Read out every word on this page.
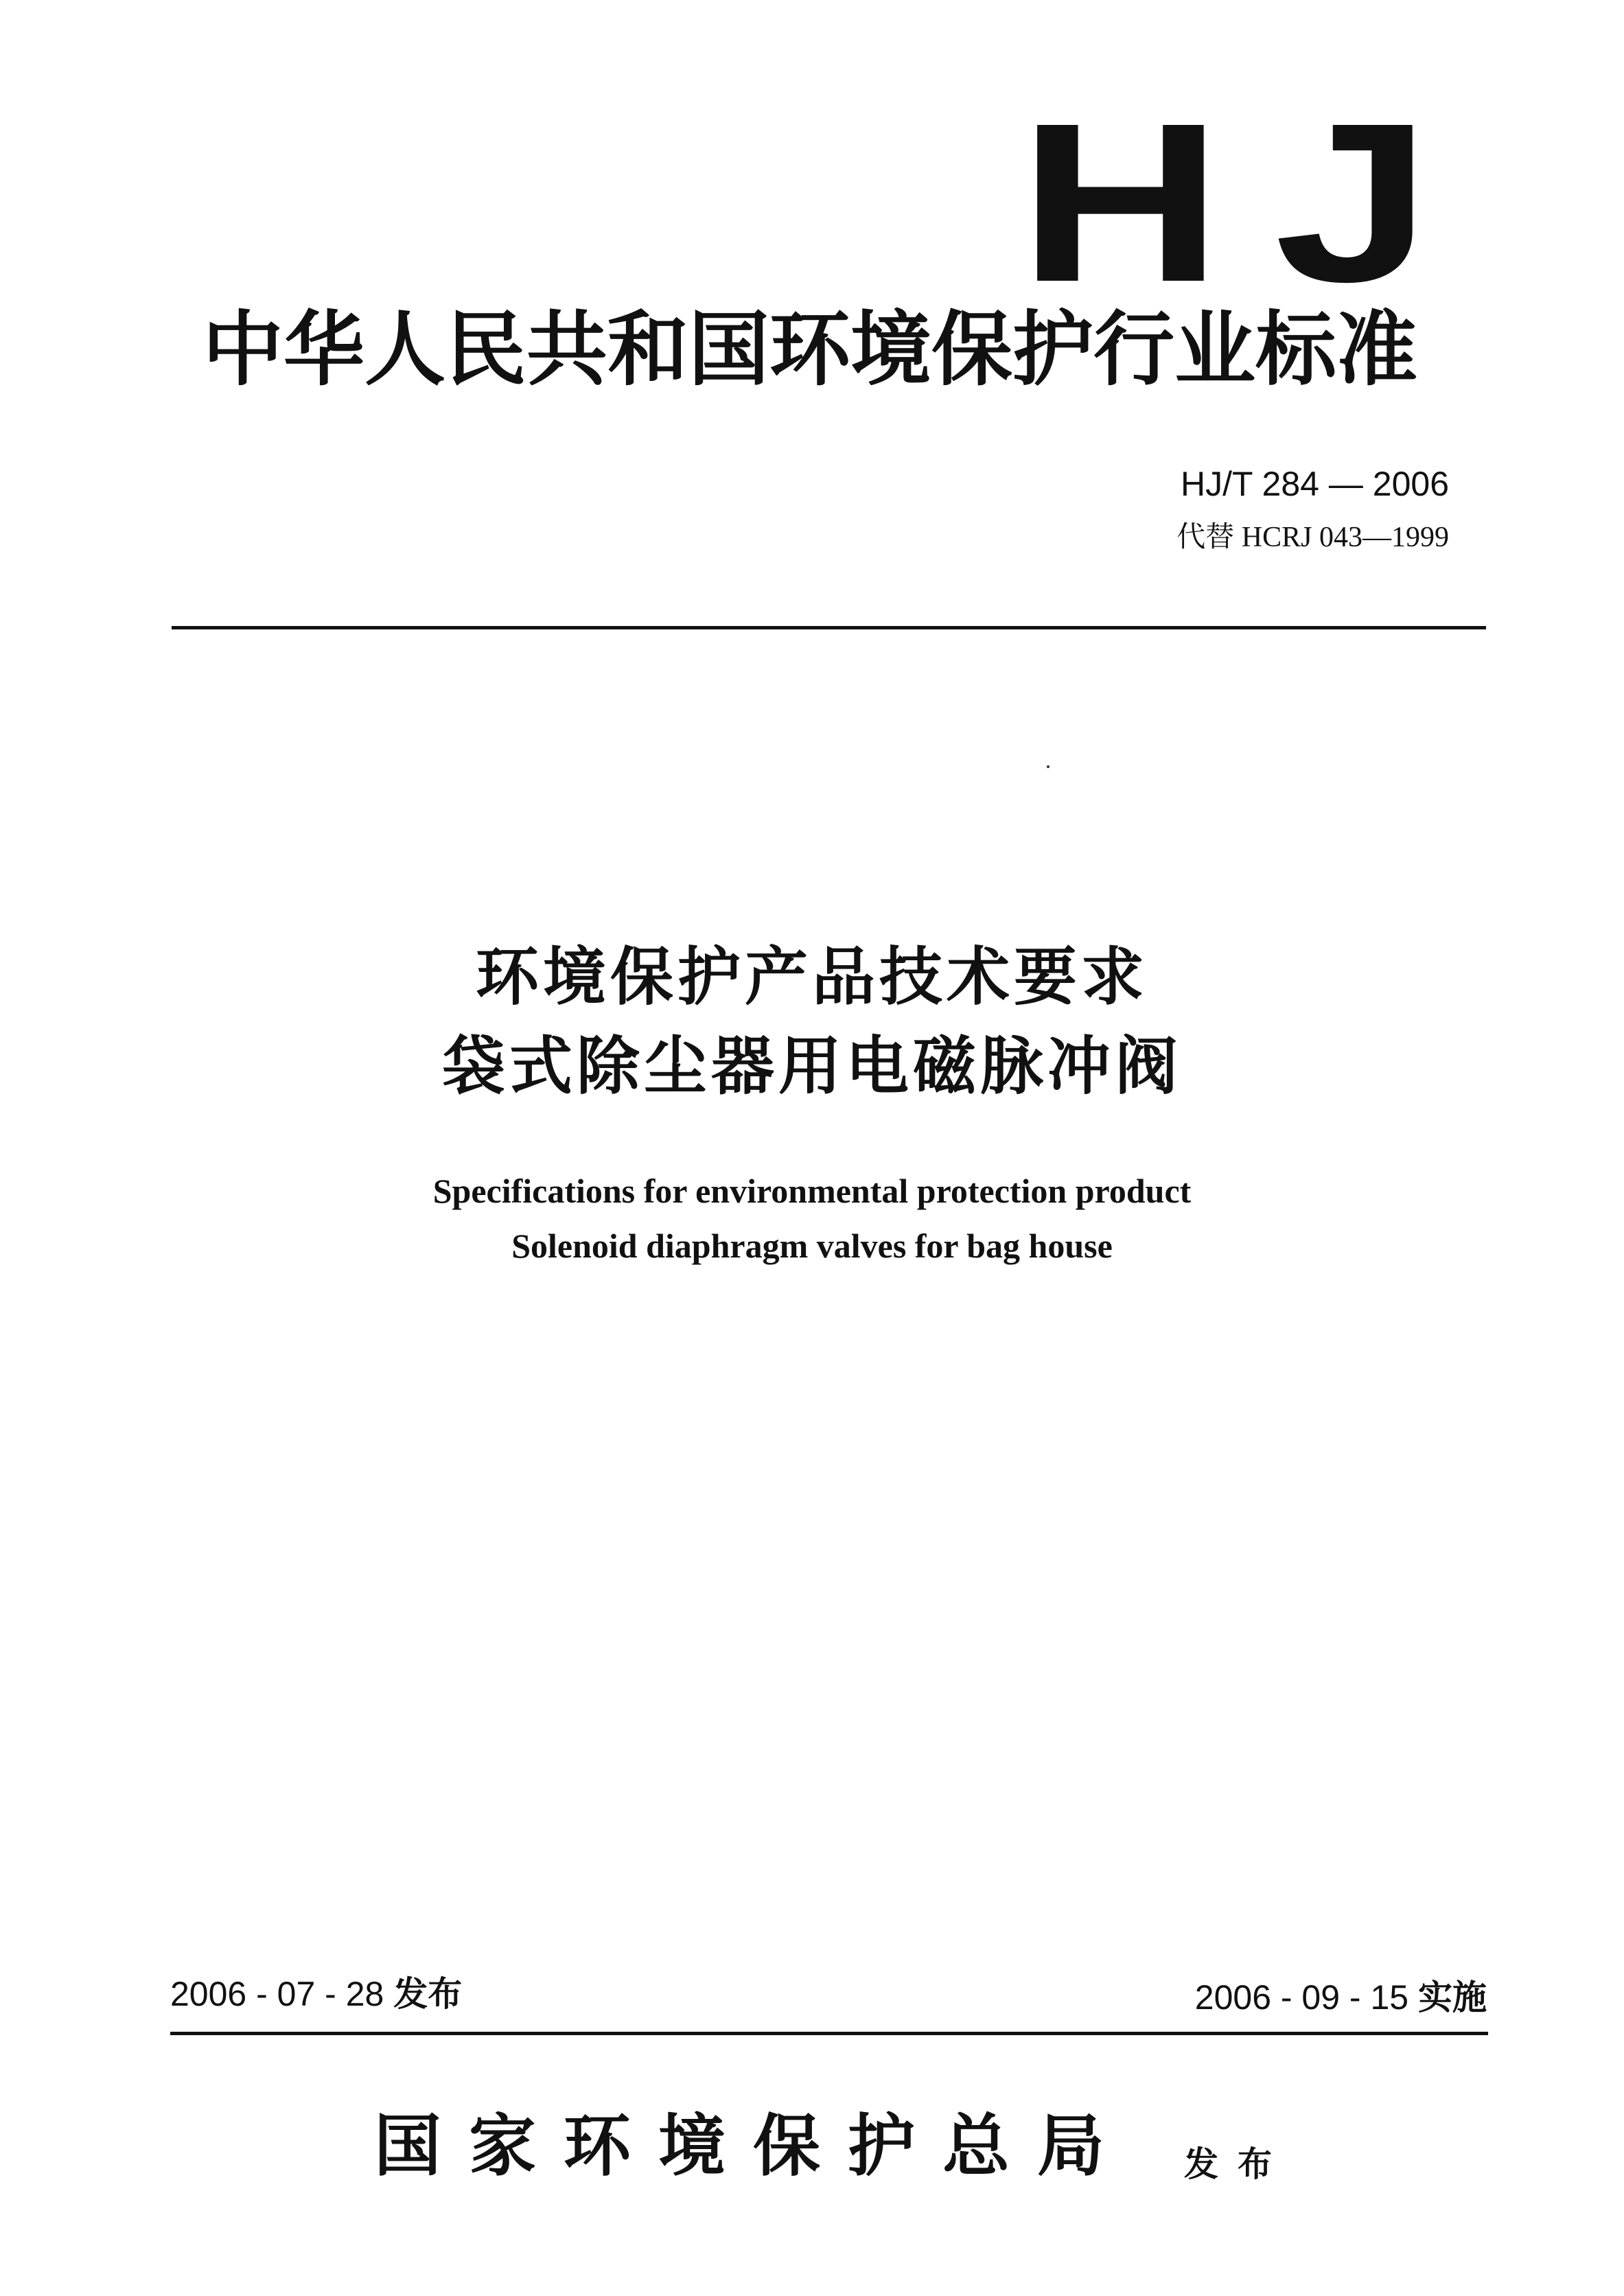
HJ
中华人民共和国环境保护行业标准
HJ/T 284 — 2006
代替 HCRJ 043—1999
环境保护产品技术要求
袋式除尘器用电磁脉冲阀
Specifications for environmental protection product
Solenoid diaphragm valves for bag house
2006 - 07 - 28 发布	2006 - 09 - 15 实施
国家环境保护总局 发布
